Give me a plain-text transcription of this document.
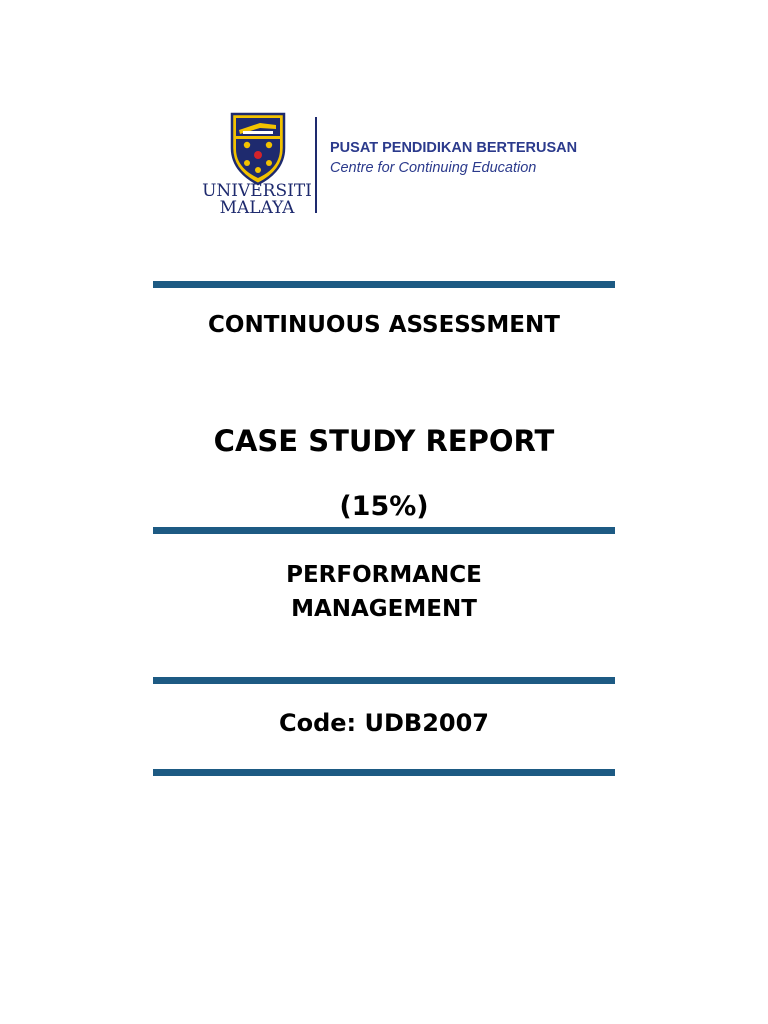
UNIVERSITI
MALAYA
PUSAT PENDIDIKAN BERTERUSAN
Centre for Continuing Education
CONTINUOUS ASSESSMENT
CASE STUDY REPORT
(15%)
PERFORMANCE
MANAGEMENT
Code: UDB2007
